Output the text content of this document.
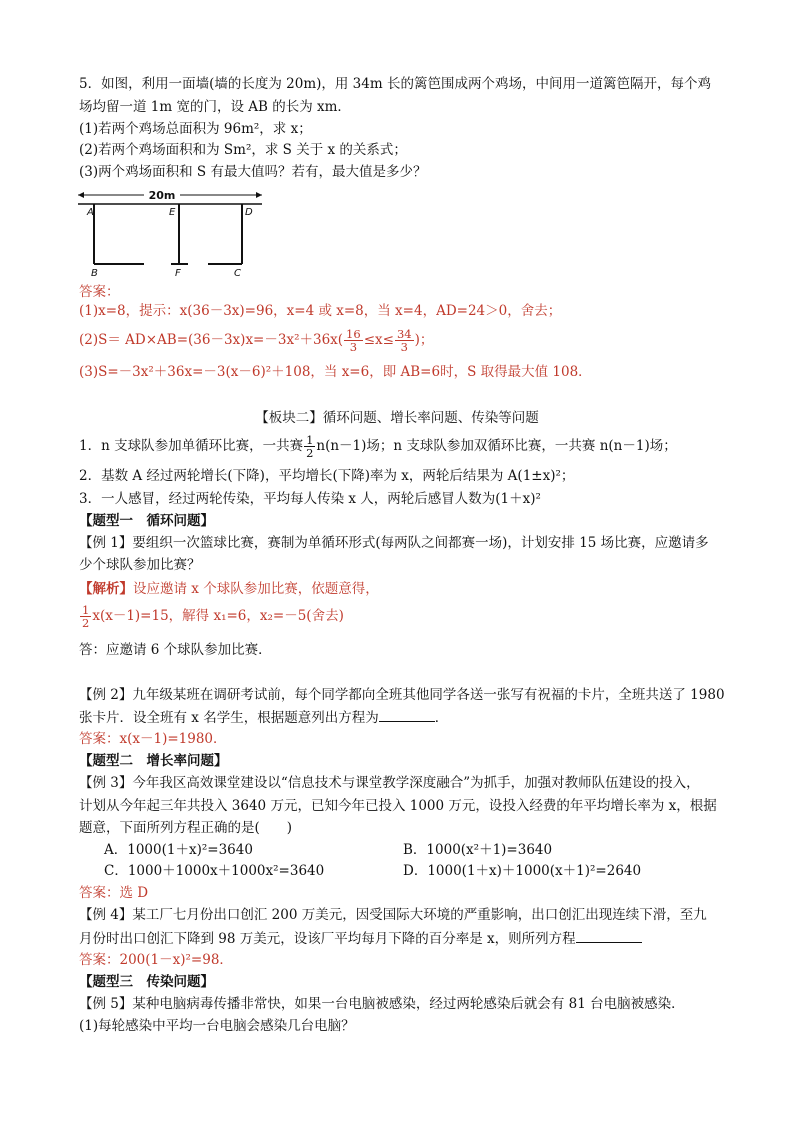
5．如图，利用一面墙(墙的长度为 20m)，用 34m 长的篱笆围成两个鸡场，中间用一道篱笆隔开，每个鸡
场均留一道 1m 宽的门，设 AB 的长为 xm．
(1)若两个鸡场总面积为 96m²，求 x；
(2)若两个鸡场面积和为 Sm²，求 S 关于 x 的关系式；
(3)两个鸡场面积和 S 有最大值吗？若有，最大值是多少？
20m
A	E	D
B	F	C
答案：
(1)x=8，提示：x(36－3x)=96，x=4 或 x=8，当 x=4，AD=24＞0，舍去；
$(2)S= AD\times AB=(36-3x)x=-3x^2+36x( \frac{16}{3} \le x\le \frac{34}{3}$ )；
(3)S=－3x²＋36x=－3(x－6)²＋108，当 x=6，即 AB=6时，S 取得最大值 108．
【板块二】循环问题、增长率问题、传染等问题
1．n 支球队参加单循环比赛，一共赛 $\frac{1}{2} n(n-1)$场；n 支球队参加双循环比赛，一共赛 n(n－1)场；
2．基数 A 经过两轮增长(下降)，平均增长(下降)率为 x，两轮后结果为 A(1±x)²；
3．一人感冒，经过两轮传染，平均每人传染 x 人，两轮后感冒人数为(1＋x)²
【题型一　循环问题】
【例 1】要组织一次篮球比赛，赛制为单循环形式(每两队之间都赛一场)，计划安排 15 场比赛，应邀请多
少个球队参加比赛？
【解析】设应邀请 x 个球队参加比赛，依题意得，
$\frac{1}{2} x(x-1)=15$，解得 x₁=6，x₂=－5(舍去)
答：应邀请 6 个球队参加比赛．
【例 2】九年级某班在调研考试前，每个同学都向全班其他同学各送一张写有祝福的卡片，全班共送了 1980
张卡片．设全班有 x 名学生，根据题意列出方程为	．
答案：x(x－1)=1980．
【题型二　增长率问题】
【例 3】今年我区高效课堂建设以“信息技术与课堂教学深度融合”为抓手，加强对教师队伍建设的投入，
计划从今年起三年共投入 3640 万元，已知今年已投入 1000 万元，设投入经费的年平均增长率为 x，根据
题意，下面所列方程正确的是(　　)
A．1000(1＋x)²=3640	B．1000(x²＋1)=3640
C．1000＋1000x＋1000x²=3640	D．1000(1＋x)＋1000(x＋1)²=2640
答案：选 D
【例 4】某工厂七月份出口创汇 200 万美元，因受国际大环境的严重影响，出口创汇出现连续下滑，至九
月份时出口创汇下降到 98 万美元，设该厂平均每月下降的百分率是 x，则所列方程
答案：200(1－x)²=98．
【题型三　传染问题】
【例 5】某种电脑病毒传播非常快，如果一台电脑被感染，经过两轮感染后就会有 81 台电脑被感染．
(1)每轮感染中平均一台电脑会感染几台电脑？
